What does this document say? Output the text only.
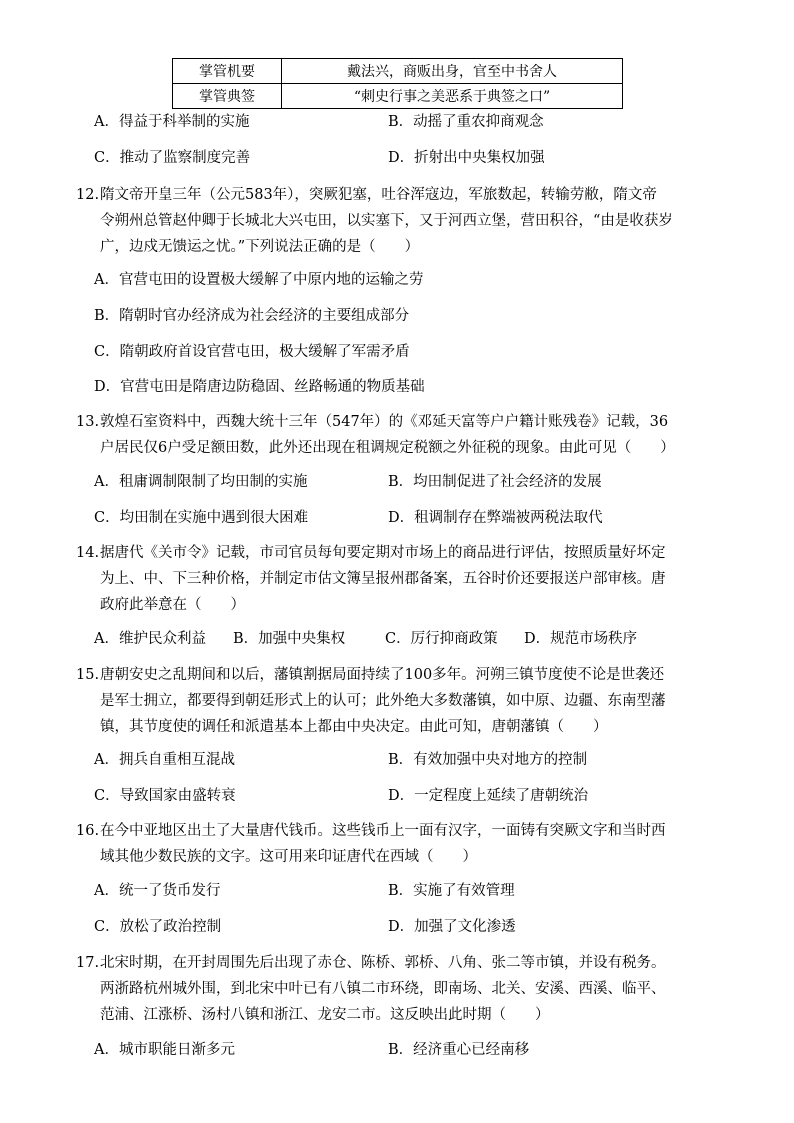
掌管机要	戴法兴，商贩出身，官至中书舍人
掌管典签	“刺史行事之美恶系于典签之口”
A．得益于科举制的实施	B．动摇了重农抑商观念
C．推动了监察制度完善	D．折射出中央集权加强
12. 隋文帝开皇三年（公元583年），突厥犯塞，吐谷浑寇边，军旅数起，转输劳敝，隋文帝
令朔州总管赵仲卿于长城北大兴屯田，以实塞下，又于河西立堡，营田积谷，“由是收获岁
广，边戍无馈运之忧。”下列说法正确的是（　　）
A．官营屯田的设置极大缓解了中原内地的运输之劳
B．隋朝时官办经济成为社会经济的主要组成部分
C．隋朝政府首设官营屯田，极大缓解了军需矛盾
D．官营屯田是隋唐边防稳固、丝路畅通的物质基础
13. 敦煌石室资料中，西魏大统十三年（547年）的《邓延天富等户户籍计账残卷》记载，36
户居民仅6户受足额田数，此外还出现在租调规定税额之外征税的现象。由此可见（　　）
A．租庸调制限制了均田制的实施	B．均田制促进了社会经济的发展
C．均田制在实施中遇到很大困难	D．租调制存在弊端被两税法取代
14. 据唐代《关市令》记载，市司官员每旬要定期对市场上的商品进行评估，按照质量好坏定
为上、中、下三种价格，并制定市估文簿呈报州郡备案，五谷时价还要报送户部审核。唐
政府此举意在（　　）
A．维护民众利益 B．加强中央集权	C．厉行抑商政策 D．规范市场秩序
15. 唐朝安史之乱期间和以后，藩镇割据局面持续了100多年。河朔三镇节度使不论是世袭还
是军士拥立，都要得到朝廷形式上的认可；此外绝大多数藩镇，如中原、边疆、东南型藩
镇，其节度使的调任和派遣基本上都由中央决定。由此可知，唐朝藩镇（　　）
A．拥兵自重相互混战	B．有效加强中央对地方的控制
C．导致国家由盛转衰	D．一定程度上延续了唐朝统治
16. 在今中亚地区出土了大量唐代钱币。这些钱币上一面有汉字，一面铸有突厥文字和当时西
域其他少数民族的文字。这可用来印证唐代在西域（　　）
A．统一了货币发行	B．实施了有效管理
C．放松了政治控制	D．加强了文化渗透
17. 北宋时期，在开封周围先后出现了赤仓、陈桥、郭桥、八角、张二等市镇，并设有税务。
两浙路杭州城外围，到北宋中叶已有八镇二市环绕，即南场、北关、安溪、西溪、临平、
范浦、江涨桥、汤村八镇和浙江、龙安二市。这反映出此时期（　　）
A．城市职能日渐多元	B．经济重心已经南移
